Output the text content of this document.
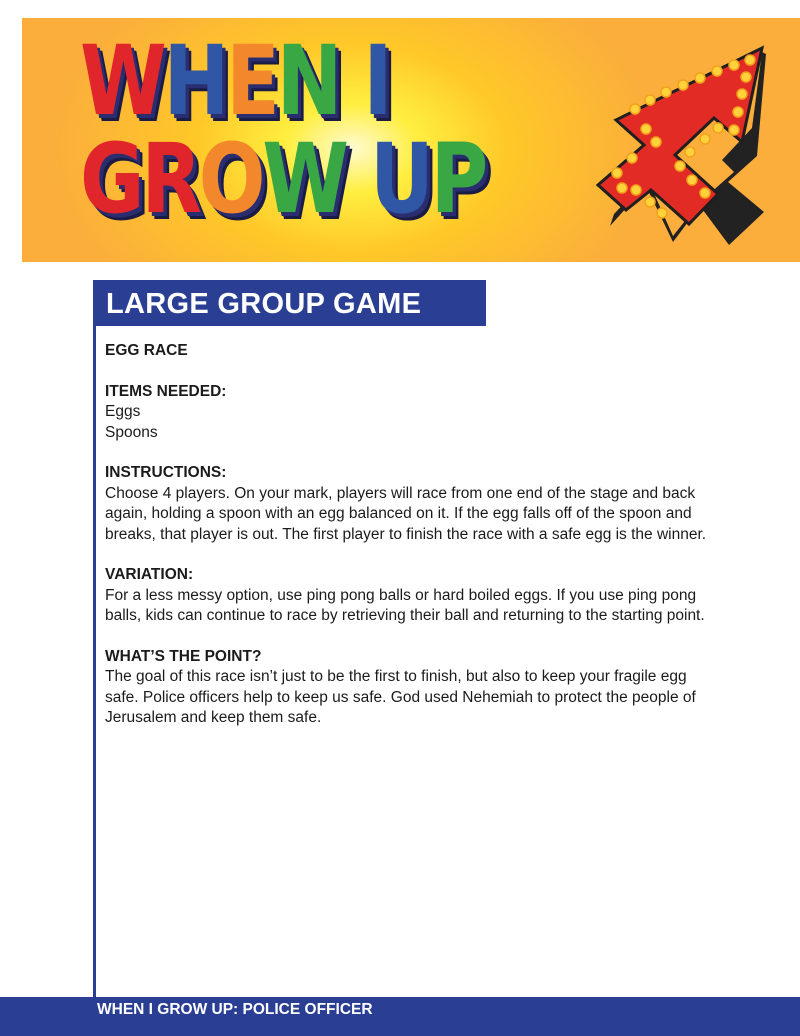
WHEN I
GROW UP
LARGE GROUP GAME
EGG RACE
ITEMS NEEDED:
Eggs
Spoons
INSTRUCTIONS:
Choose 4 players. On your mark, players will race from one end of the stage and back
again, holding a spoon with an egg balanced on it. If the egg falls off of the spoon and
breaks, that player is out. The first player to finish the race with a safe egg is the winner.
VARIATION:
For a less messy option, use ping pong balls or hard boiled eggs. If you use ping pong
balls, kids can continue to race by retrieving their ball and returning to the starting point.
WHAT’S THE POINT?
The goal of this race isn’t just to be the first to finish, but also to keep your fragile egg
safe. Police officers help to keep us safe. God used Nehemiah to protect the people of
Jerusalem and keep them safe.
WHEN I GROW UP: POLICE OFFICER
